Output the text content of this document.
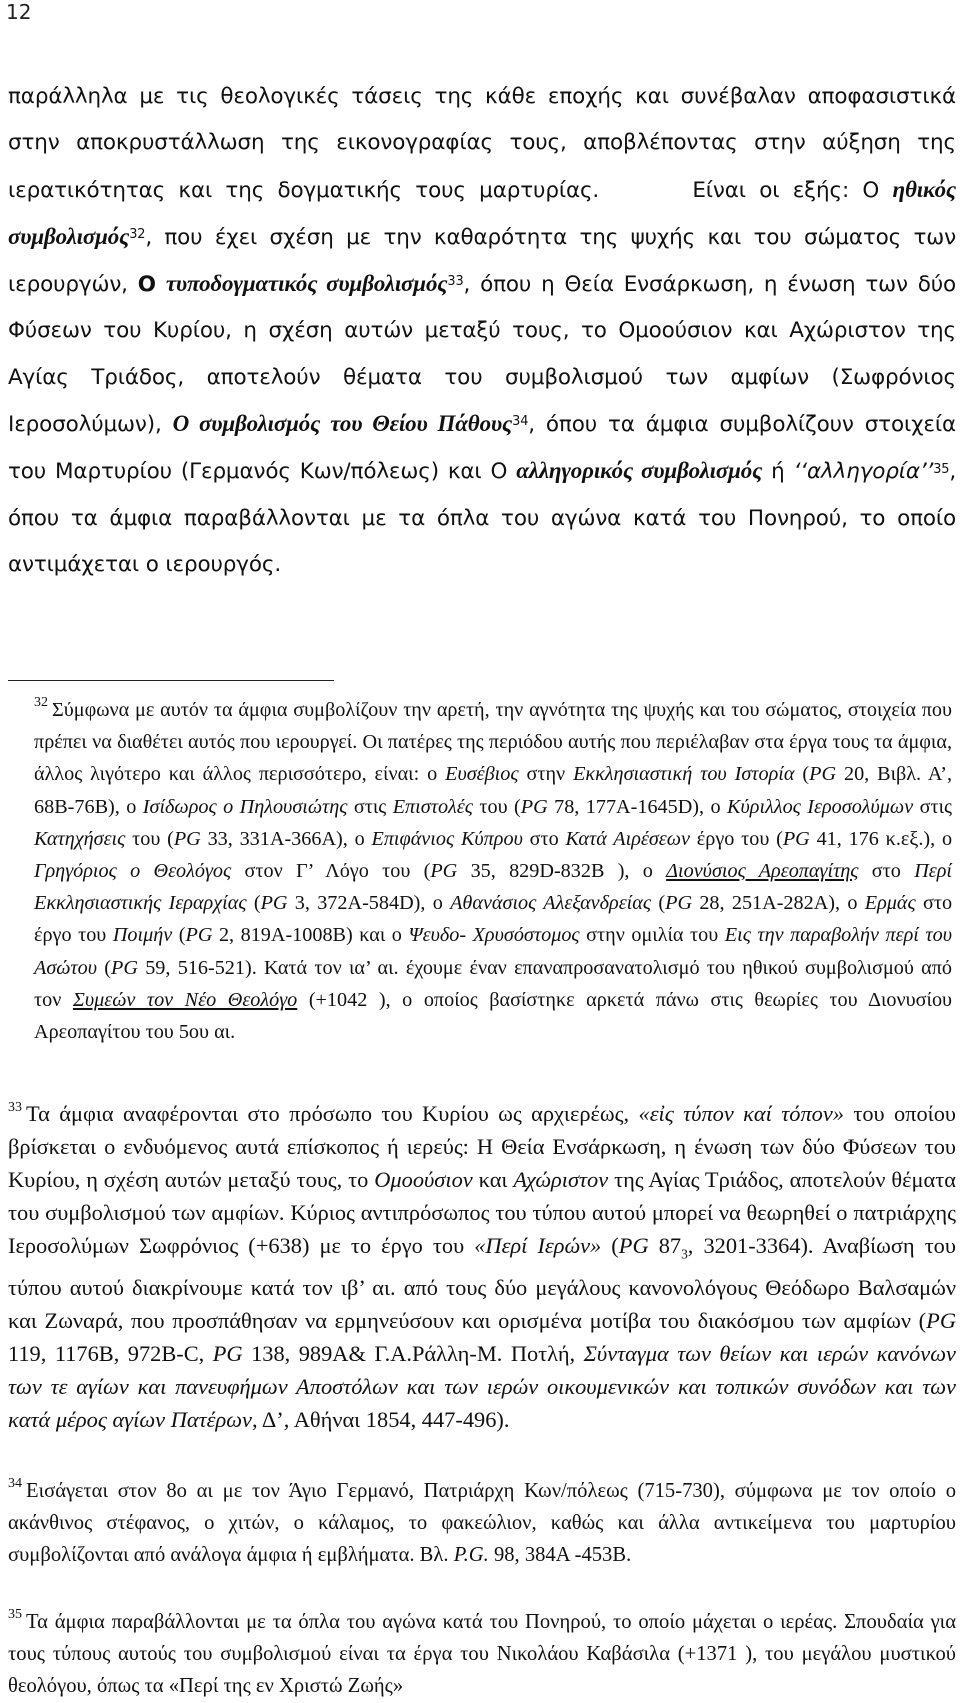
12
παράλληλα με τις θεολογικές τάσεις της κάθε εποχής και συνέβαλαν αποφασιστικά στην αποκρυστάλλωση της εικονογραφίας τους, αποβλέποντας στην αύξηση της ιερατικότητας και της δογματικής τους μαρτυρίας.	Είναι οι εξής: Ο ηθικός συμβολισμός$^{32}$, που έχει σχέση με την καθαρότητα της ψυχής και του σώματος των ιερουργών, Ο τυποδογματικός συμβολισμός$^{33}$, όπου η Θεία Ενσάρκωση, η ένωση των δύο Φύσεων του Κυρίου, η σχέση αυτών μεταξύ τους, το Ομοούσιον και Αχώριστον της Αγίας Τριάδος, αποτελούν θέματα του συμβολισμού των αμφίων (Σωφρόνιος Ιεροσολύμων), Ο συμβολισμός του Θείου Πάθους$^{34}$, όπου τα άμφια συμβολίζουν στοιχεία του Μαρτυρίου (Γερμανός Κων/πόλεως) και Ο αλληγορικός συμβολισμός ή ‘‘αλληγορία’’$^{35}$, όπου τα άμφια παραβάλλονται με τα όπλα του αγώνα κατά του Πονηρού, το οποίο αντιμάχεται ο ιερουργός.
$^{32}$ Σύμφωνα με αυτόν τα άμφια συμβολίζουν την αρετή, την αγνότητα της ψυχής και του σώματος, στοιχεία που πρέπει να διαθέτει αυτός που ιερουργεί. Οι πατέρες της περιόδου αυτής που περιέλαβαν στα έργα τους τα άμφια, άλλος λιγότερο και άλλος περισσότερο, είναι: ο Ευσέβιος στην Εκκλησιαστική του Ιστορία (PG 20, Βιβλ. Α’, 68Β-76Β), ο Ισίδωρος ο Πηλουσιώτης στις Επιστολές του (PG 78, 177Α-1645D), ο Κύριλλος Ιεροσολύμων στις Κατηχήσεις του (PG 33, 331Α-366Α), ο Επιφάνιος Κύπρου στο Κατά Αιρέσεων έργο του (PG 41, 176 κ.εξ.), ο Γρηγόριος ο Θεολόγος στον Γ’ Λόγο του (PG 35, 829D-832Β ), ο Διονύσιος Αρεοπαγίτης στο Περί Εκκλησιαστικής Ιεραρχίας (PG 3, 372Α-584D), ο Αθανάσιος Αλεξανδρείας (PG 28, 251Α-282Α), ο Ερμάς στο έργο του Ποιμήν (PG 2, 819Α-1008Β) και ο Ψευδο- Χρυσόστομος στην ομιλία του Εις την παραβολήν περί του Ασώτου (PG 59, 516-521). Κατά τον ια’ αι. έχουμε έναν επαναπροσανατολισμό του ηθικού συμβολισμού από τον Συμεών τον Νέο Θεολόγο (+1042 ), ο οποίος βασίστηκε αρκετά πάνω στις θεωρίες του Διονυσίου Αρεοπαγίτου του 5ου αι.
$^{33}$ Τα άμφια αναφέρονται στο πρόσωπο του Κυρίου ως αρχιερέως, «εἰς τύπον καί τόπον» του οποίου βρίσκεται ο ενδυόμενος αυτά επίσκοπος ή ιερεύς: Η Θεία Ενσάρκωση, η ένωση των δύο Φύσεων του Κυρίου, η σχέση αυτών μεταξύ τους, το Ομοούσιον και Αχώριστον της Αγίας Τριάδος, αποτελούν θέματα του συμβολισμού των αμφίων. Κύριος αντιπρόσωπος του τύπου αυτού μπορεί να θεωρηθεί ο πατριάρχης Ιεροσολύμων Σωφρόνιος (+638) με το έργο του «Περί Ιερών» (PG $87_3$, 3201-3364). Αναβίωση του τύπου αυτού διακρίνουμε κατά τον ιβ’ αι. από τους δύο μεγάλους κανονολόγους Θεόδωρο Βαλσαμών και Ζωναρά, που προσπάθησαν να ερμηνεύσουν και ορισμένα μοτίβα του διακόσμου των αμφίων (PG 119, 1176Β, 972Β-C, PG 138, 989Α& Γ.Α.Ράλλη-Μ. Ποτλή, Σύνταγμα των θείων και ιερών κανόνων των τε αγίων και πανευφήμων Αποστόλων και των ιερών οικουμενικών και τοπικών συνόδων και των κατά μέρος αγίων Πατέρων, Δ’, Αθήναι 1854, 447-496).
$^{34}$ Εισάγεται στον 8ο αι με τον Άγιο Γερμανό, Πατριάρχη Κων/πόλεως (715-730), σύμφωνα με τον οποίο ο ακάνθινος στέφανος, ο χιτών, ο κάλαμος, το φακεώλιον, καθώς και άλλα αντικείμενα του μαρτυρίου συμβολίζονται από ανάλογα άμφια ή εμβλήματα. Βλ. P.G. 98, 384Α -453Β.
$^{35}$ Τα άμφια παραβάλλονται με τα όπλα του αγώνα κατά του Πονηρού, το οποίο μάχεται ο ιερέας. Σπουδαία για τους τύπους αυτούς του συμβολισμού είναι τα έργα του Νικολάου Καβάσιλα (+1371 ), του μεγάλου μυστικού θεολόγου, όπως τα «Περί της εν Χριστώ Ζωής»
